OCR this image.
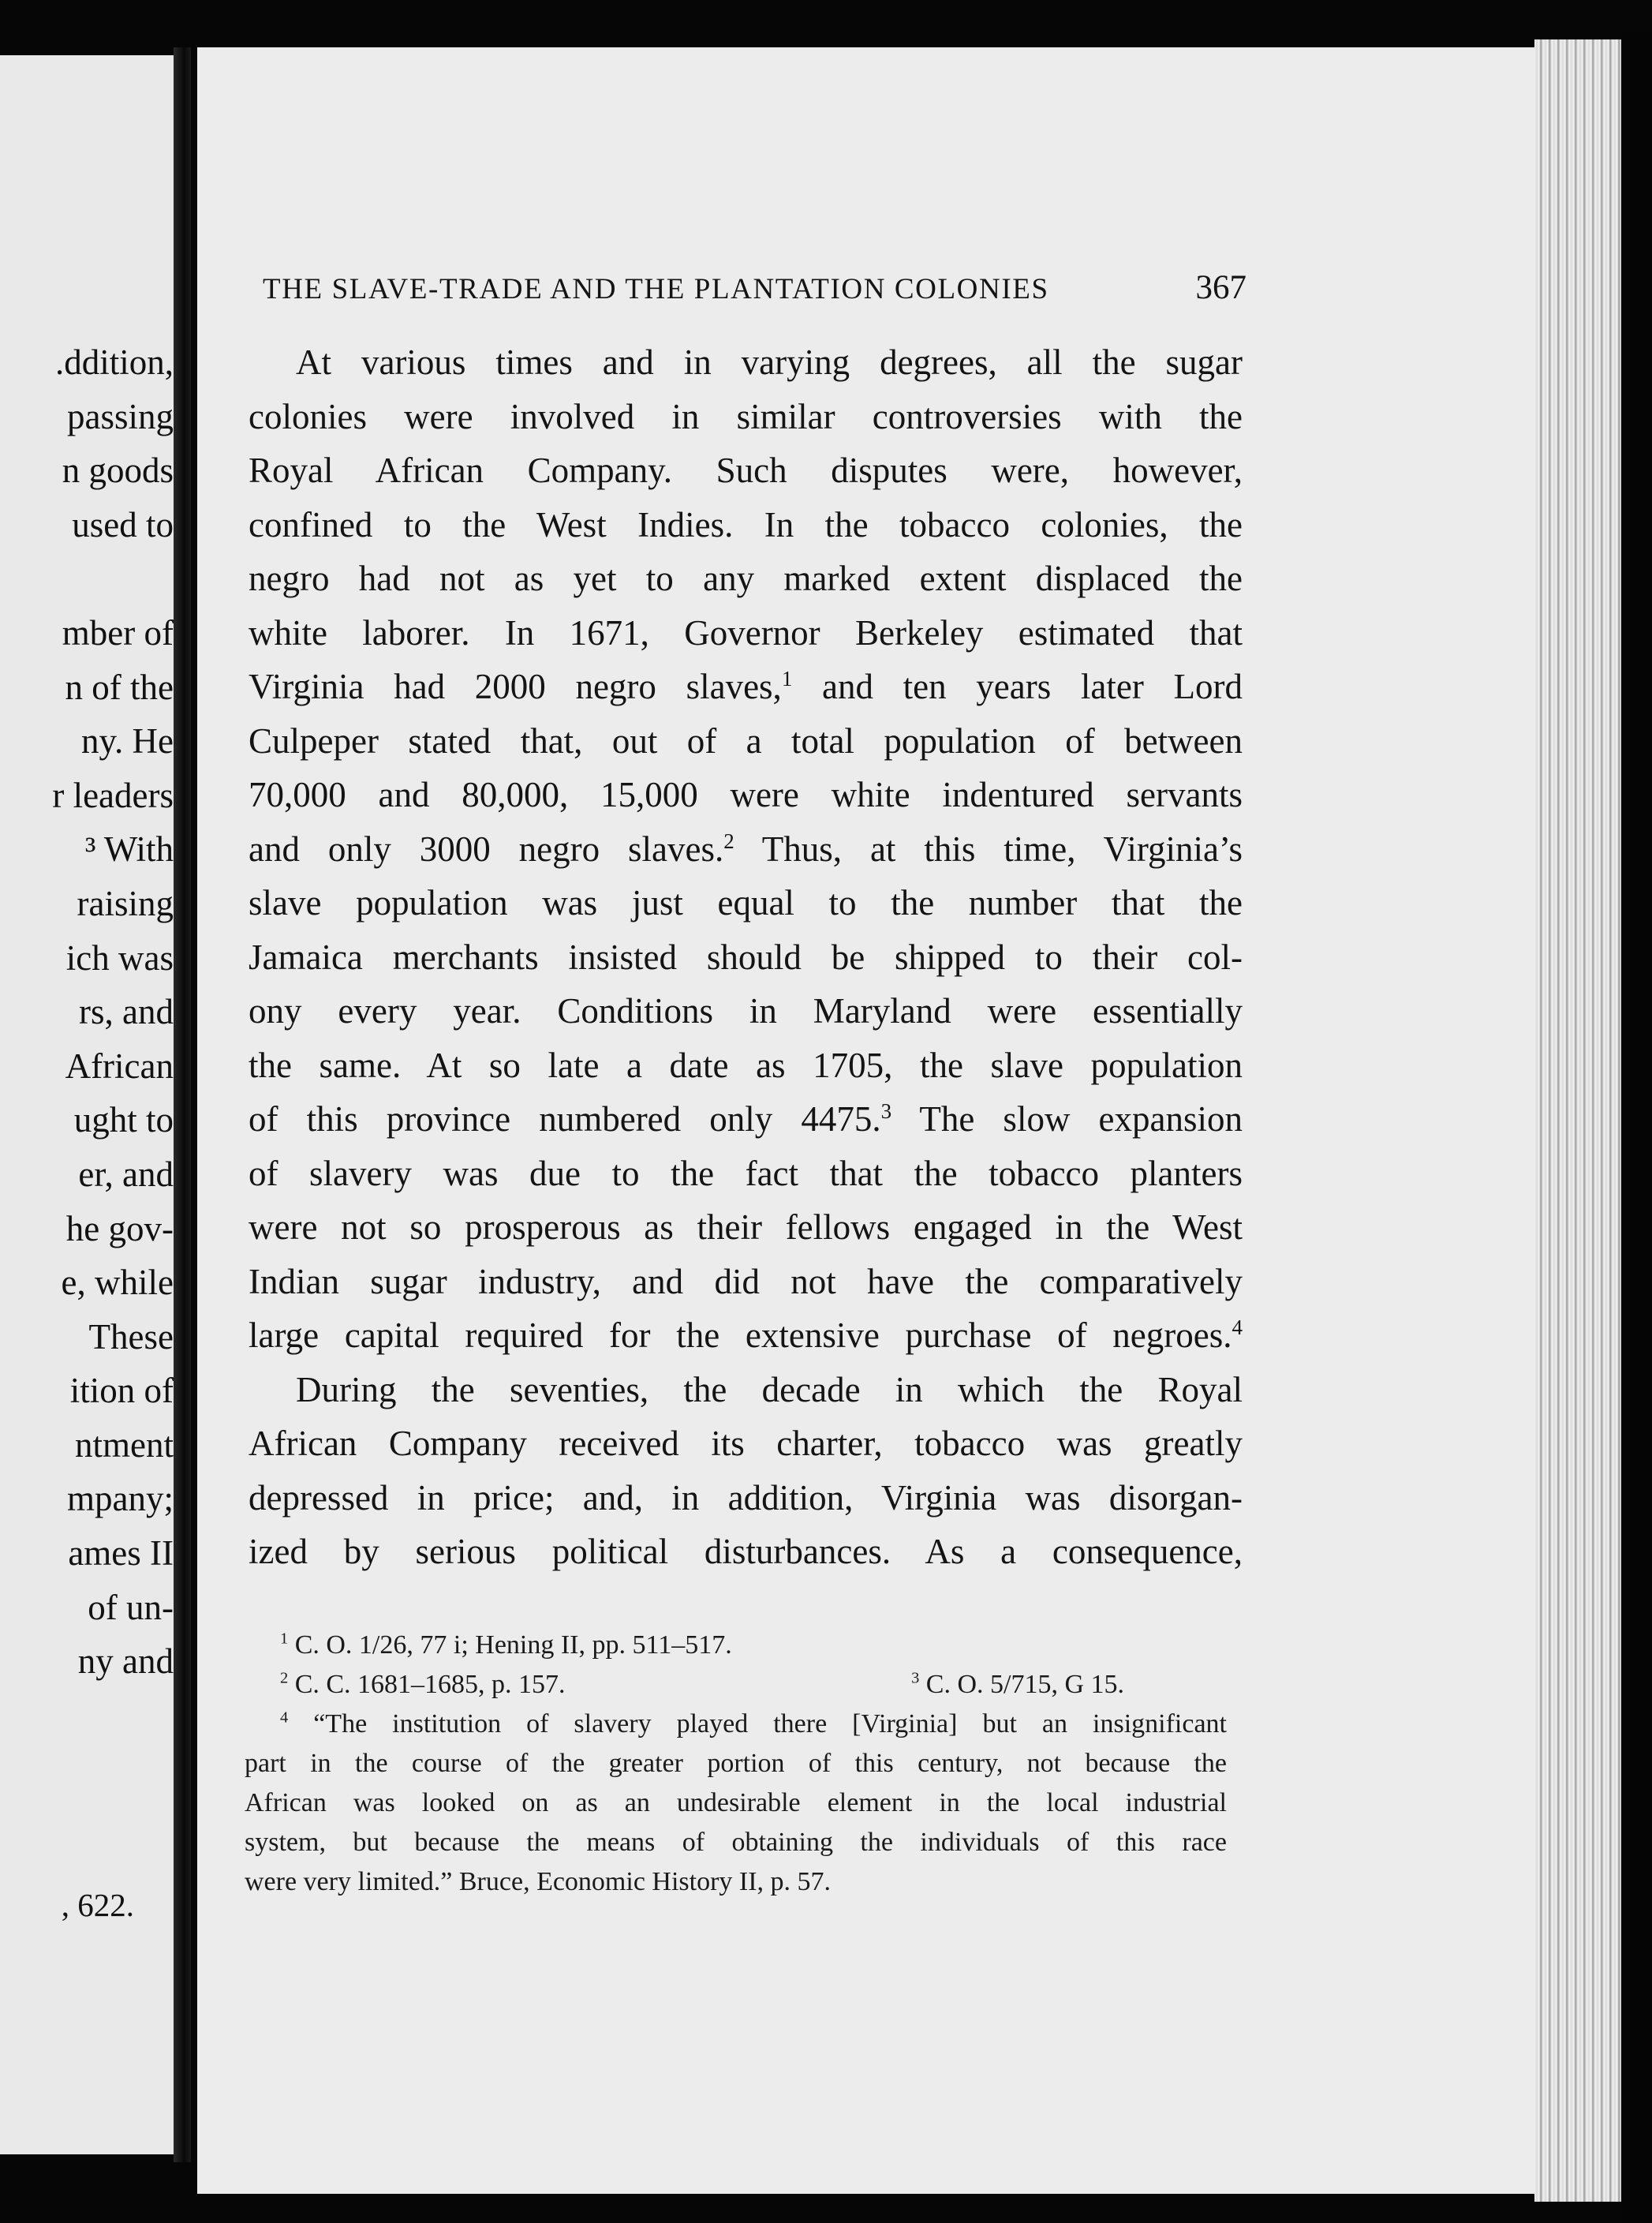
.ddition,
passing
n goods
used to
mber of
n of the
ny. He
r leaders
³ With
raising
ich was
rs, and
African
ught to
er, and
he gov-
e, while
These
ition of
ntment
mpany;
ames II
of un-
ny and
, 622.
THE SLAVE-TRADE AND THE PLANTATION COLONIES	367
At various times and in varying degrees, all the sugar
colonies were involved in similar controversies with the
Royal African Company. Such disputes were, however,
confined to the West Indies. In the tobacco colonies, the
negro had not as yet to any marked extent displaced the
white laborer. In 1671, Governor Berkeley estimated that
Virginia had 2000 negro slaves,$^1$ and ten years later Lord
Culpeper stated that, out of a total population of between
70,000 and 80,000, 15,000 were white indentured servants
and only 3000 negro slaves.$^2$ Thus, at this time, Virginia’s
slave population was just equal to the number that the
Jamaica merchants insisted should be shipped to their col-
ony every year. Conditions in Maryland were essentially
the same. At so late a date as 1705, the slave population
of this province numbered only 4475.$^3$ The slow expansion
of slavery was due to the fact that the tobacco planters
were not so prosperous as their fellows engaged in the West
Indian sugar industry, and did not have the comparatively
large capital required for the extensive purchase of negroes.$^4$
During the seventies, the decade in which the Royal
African Company received its charter, tobacco was greatly
depressed in price; and, in addition, Virginia was disorgan-
ized by serious political disturbances. As a consequence,
$^1$ C. O. 1/26, 77 i; Hening II, pp. 511–517.
$^2$ C. C. 1681–1685, p. 157.	$^3$ C. O. 5/715, G 15.
$^4$ “The institution of slavery played there [Virginia] but an insignificant
part in the course of the greater portion of this century, not because the
African was looked on as an undesirable element in the local industrial
system, but because the means of obtaining the individuals of this race
were very limited.” Bruce, Economic History II, p. 57.
